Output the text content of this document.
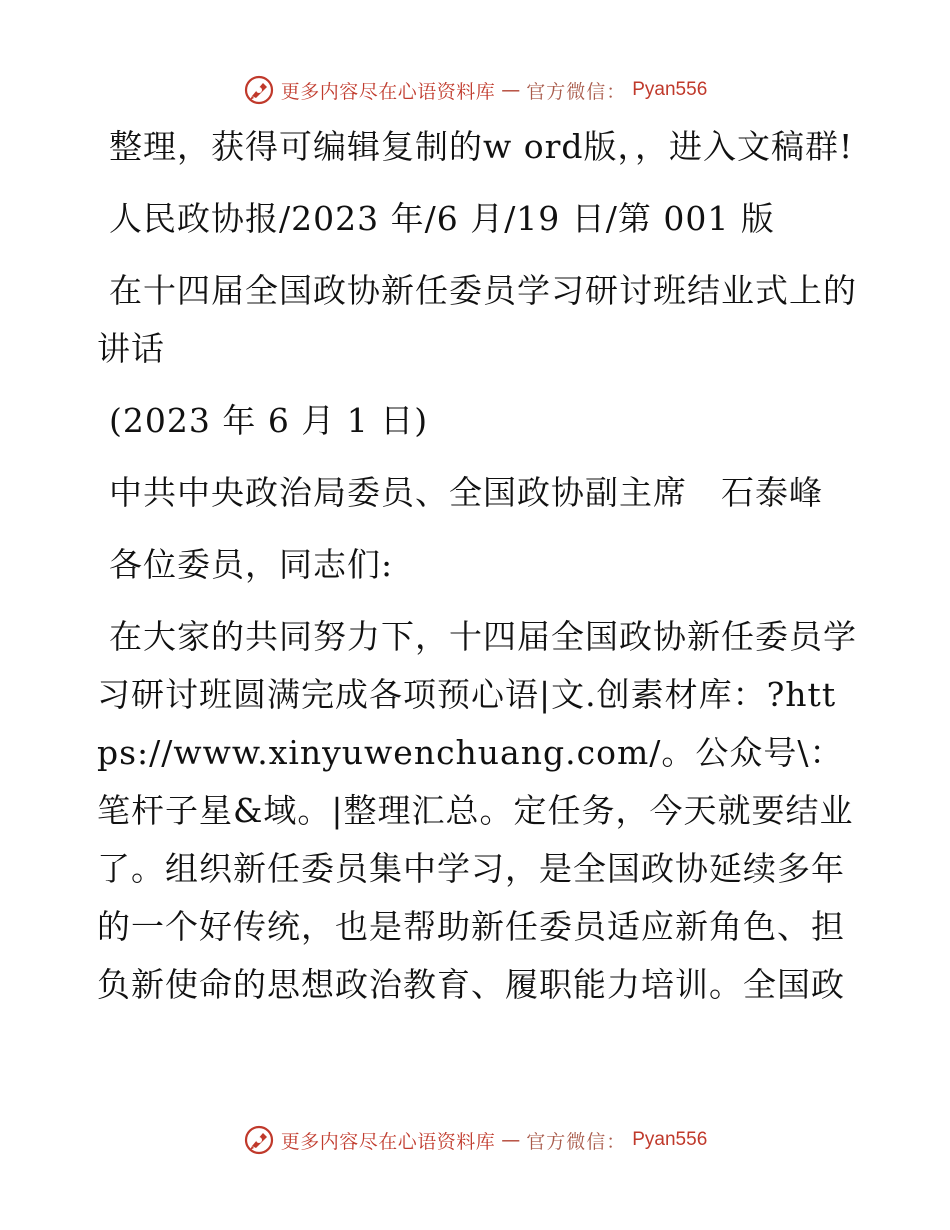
更多内容尽在心语资料库 — 官方微信： Pyan556

整理，获得可编辑复制的w ord版，，进入文稿群!

人民政协报/2023 年/6 月/19 日/第 001 版

在十四届全国政协新任委员学习研讨班结业式上的讲话

(2023 年 6 月 1 日)

中共中央政治局委员、全国政协副主席　石泰峰

各位委员，同志们:

在大家的共同努力下，十四届全国政协新任委员学习研讨班圆满完成各项预心语|文.创素材库：?https://www.xinyuwenchuang.com/。公众号\：笔杆子星&域。|整理汇总。定任务，今天就要结业了。组织新任委员集中学习，是全国政协延续多年的一个好传统，也是帮助新任委员适应新角色、担负新使命的思想政治教育、履职能力培训。全国政

更多内容尽在心语资料库 — 官方微信： Pyan556
